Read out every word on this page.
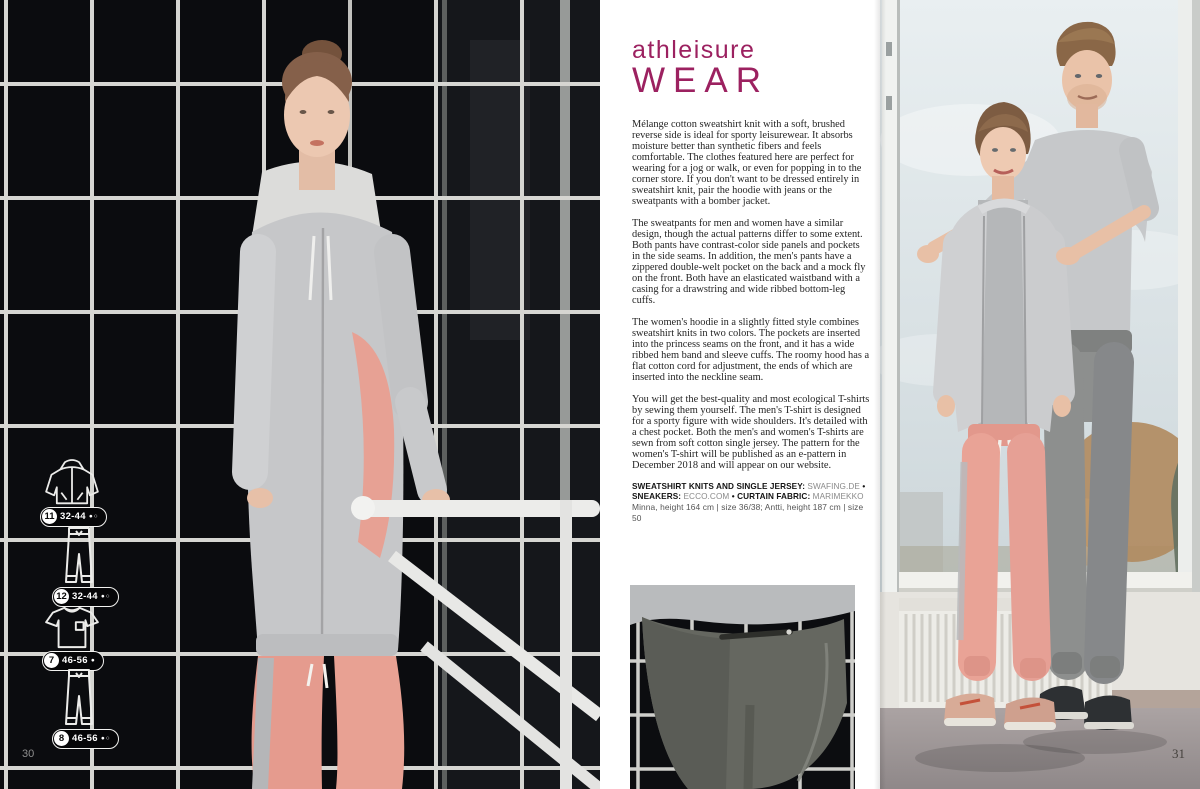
11 32-44 ●○
12 32-44 ●○
7 46-56 ●
8 46-56 ●○
30
athleisure
WEAR

Mélange cotton sweatshirt knit with a soft, brushed reverse side is ideal for sporty leisurewear. It absorbs moisture better than synthetic fibers and feels comfortable. The clothes featured here are perfect for wearing for a jog or walk, or even for popping in to the corner store. If you don't want to be dressed entirely in sweatshirt knit, pair the hoodie with jeans or the sweatpants with a bomber jacket.

The sweatpants for men and women have a similar design, though the actual patterns differ to some extent. Both pants have contrast-color side panels and pockets in the side seams. In addition, the men's pants have a zippered double-welt pocket on the back and a mock fly on the front. Both have an elasticated waistband with a casing for a drawstring and wide ribbed bottom-leg cuffs.

The women's hoodie in a slightly fitted style combines sweatshirt knits in two colors. The pockets are inserted into the princess seams on the front, and it has a wide ribbed hem band and sleeve cuffs. The roomy hood has a flat cotton cord for adjustment, the ends of which are inserted into the neckline seam.

You will get the best-quality and most ecological T-shirts by sewing them yourself. The men's T-shirt is designed for a sporty figure with wide shoulders. It's detailed with a chest pocket. Both the men's and women's T-shirts are sewn from soft cotton single jersey. The pattern for the women's T-shirt will be published as an e-pattern in December 2018 and will appear on our website.

SWEATSHIRT KNITS AND SINGLE JERSEY: SWAFING.DE •
SNEAKERS: ECCO.COM • CURTAIN FABRIC: MARIMEKKO
Minna, height 164 cm | size 36/38; Antti, height 187 cm | size 50
31
